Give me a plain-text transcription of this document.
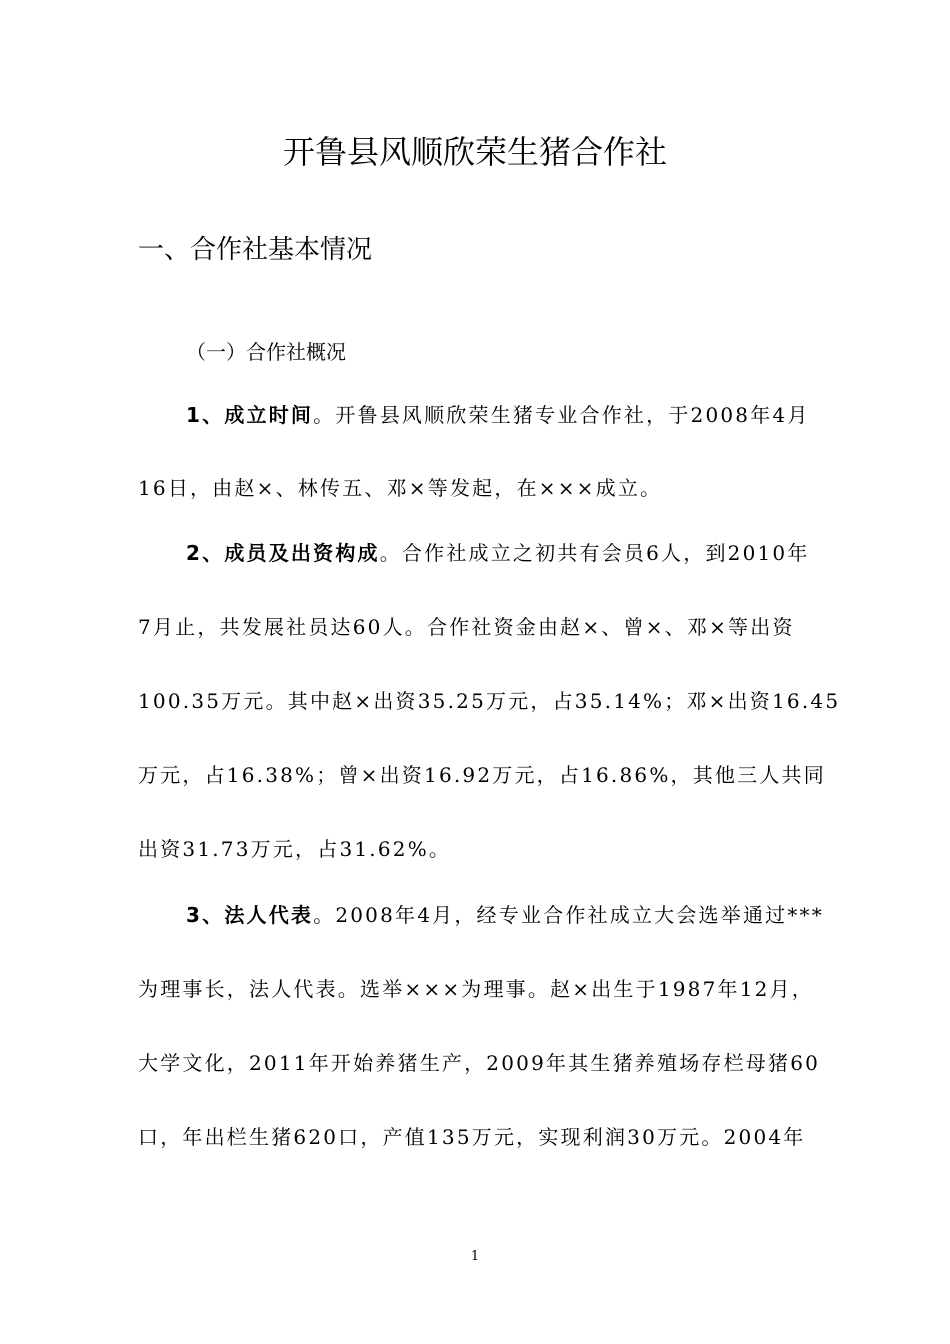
开鲁县风顺欣荣生猪合作社
一、合作社基本情况
（一）合作社概况

1、成立时间。开鲁县风顺欣荣生猪专业合作社，于2008年4月

16日，由赵×、林传五、邓×等发起，在×××成立。

2、成员及出资构成。合作社成立之初共有会员6人，到2010年

7月止，共发展社员达60人。合作社资金由赵×、曾×、邓×等出资

100.35万元。其中赵×出资35.25万元，占35.14%；邓×出资16.45

万元，占16.38%；曾×出资16.92万元，占16.86%，其他三人共同

出资31.73万元，占31.62%。

3、法人代表。2008年4月，经专业合作社成立大会选举通过***

为理事长，法人代表。选举×××为理事。赵×出生于1987年12月，

大学文化，2011年开始养猪生产，2009年其生猪养殖场存栏母猪60

口，年出栏生猪620口，产值135万元，实现利润30万元。2004年

1
